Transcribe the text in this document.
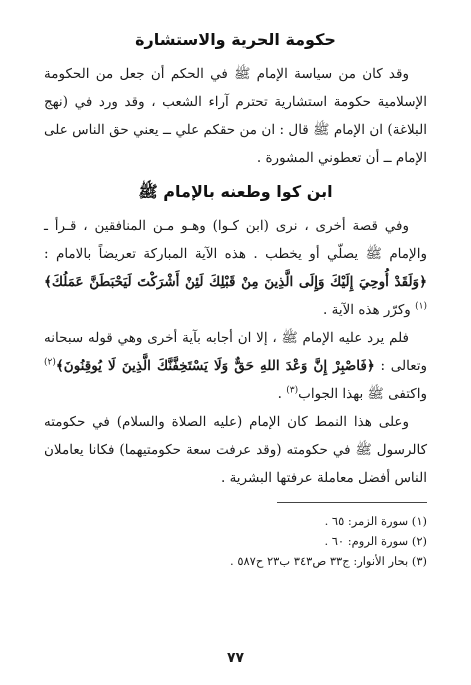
حكومة الحرية والاستشارة

وقد كان من سياسة الإمام ﷺ في الحكم أن جعل من الحكومة الإسلامية حكومة استشارية تحترم آراء الشعب ، وقد ورد في (نهج البلاغة) ان الإمام ﷺ قال : ان من حقكم علي ــ يعني حق الناس على الإمام ــ أن تعطوني المشورة .

ابن كوا وطعنه بالإمام ﷺ

وفي قصة أخرى ، نرى (ابن كـوا) وهـو مـن المنافقين ، قـرأ ـ والإمام ﷺ يصلّي أو يخطب . هذه الآية المباركة تعريضاً بالامام : ﴿وَلَقَدْ أُوحِيَ إِلَيْكَ وَإِلَى الَّذِينَ مِنْ قَبْلِكَ لَئِنْ أَشْرَكْتَ لَيَحْبَطَنَّ عَمَلُكَ﴾$^{(١)}$ وكرّر هذه الآية .

فلم يرد عليه الإمام ﷺ ، إلا ان أجابه بآية أخرى وهي قوله سبحانه وتعالى : ﴿فَاصْبِرْ إِنَّ وَعْدَ اللهِ حَقٌّ وَلَا يَسْتَخِفَّنَّكَ الَّذِينَ لَا يُوقِنُونَ﴾$^{(٢)}$ واكتفى ﷺ بهذا الجواب$^{(٣)}$ .

وعلى هذا النمط كان الإمام (عليه الصلاة والسلام) في حكومته كالرسول ﷺ في حكومته (وقد عرفت سعة حكومتيهما) فكانا يعاملان الناس أفضل معاملة عرفتها البشرية .

(١) سورة الزمر: ٦٥ .

(٢) سورة الروم: ٦٠ .

(٣) بحار الأنوار: ج٣٣ ص٣٤٣ ب٢٣ ح٥٨٧ .

٧٧
